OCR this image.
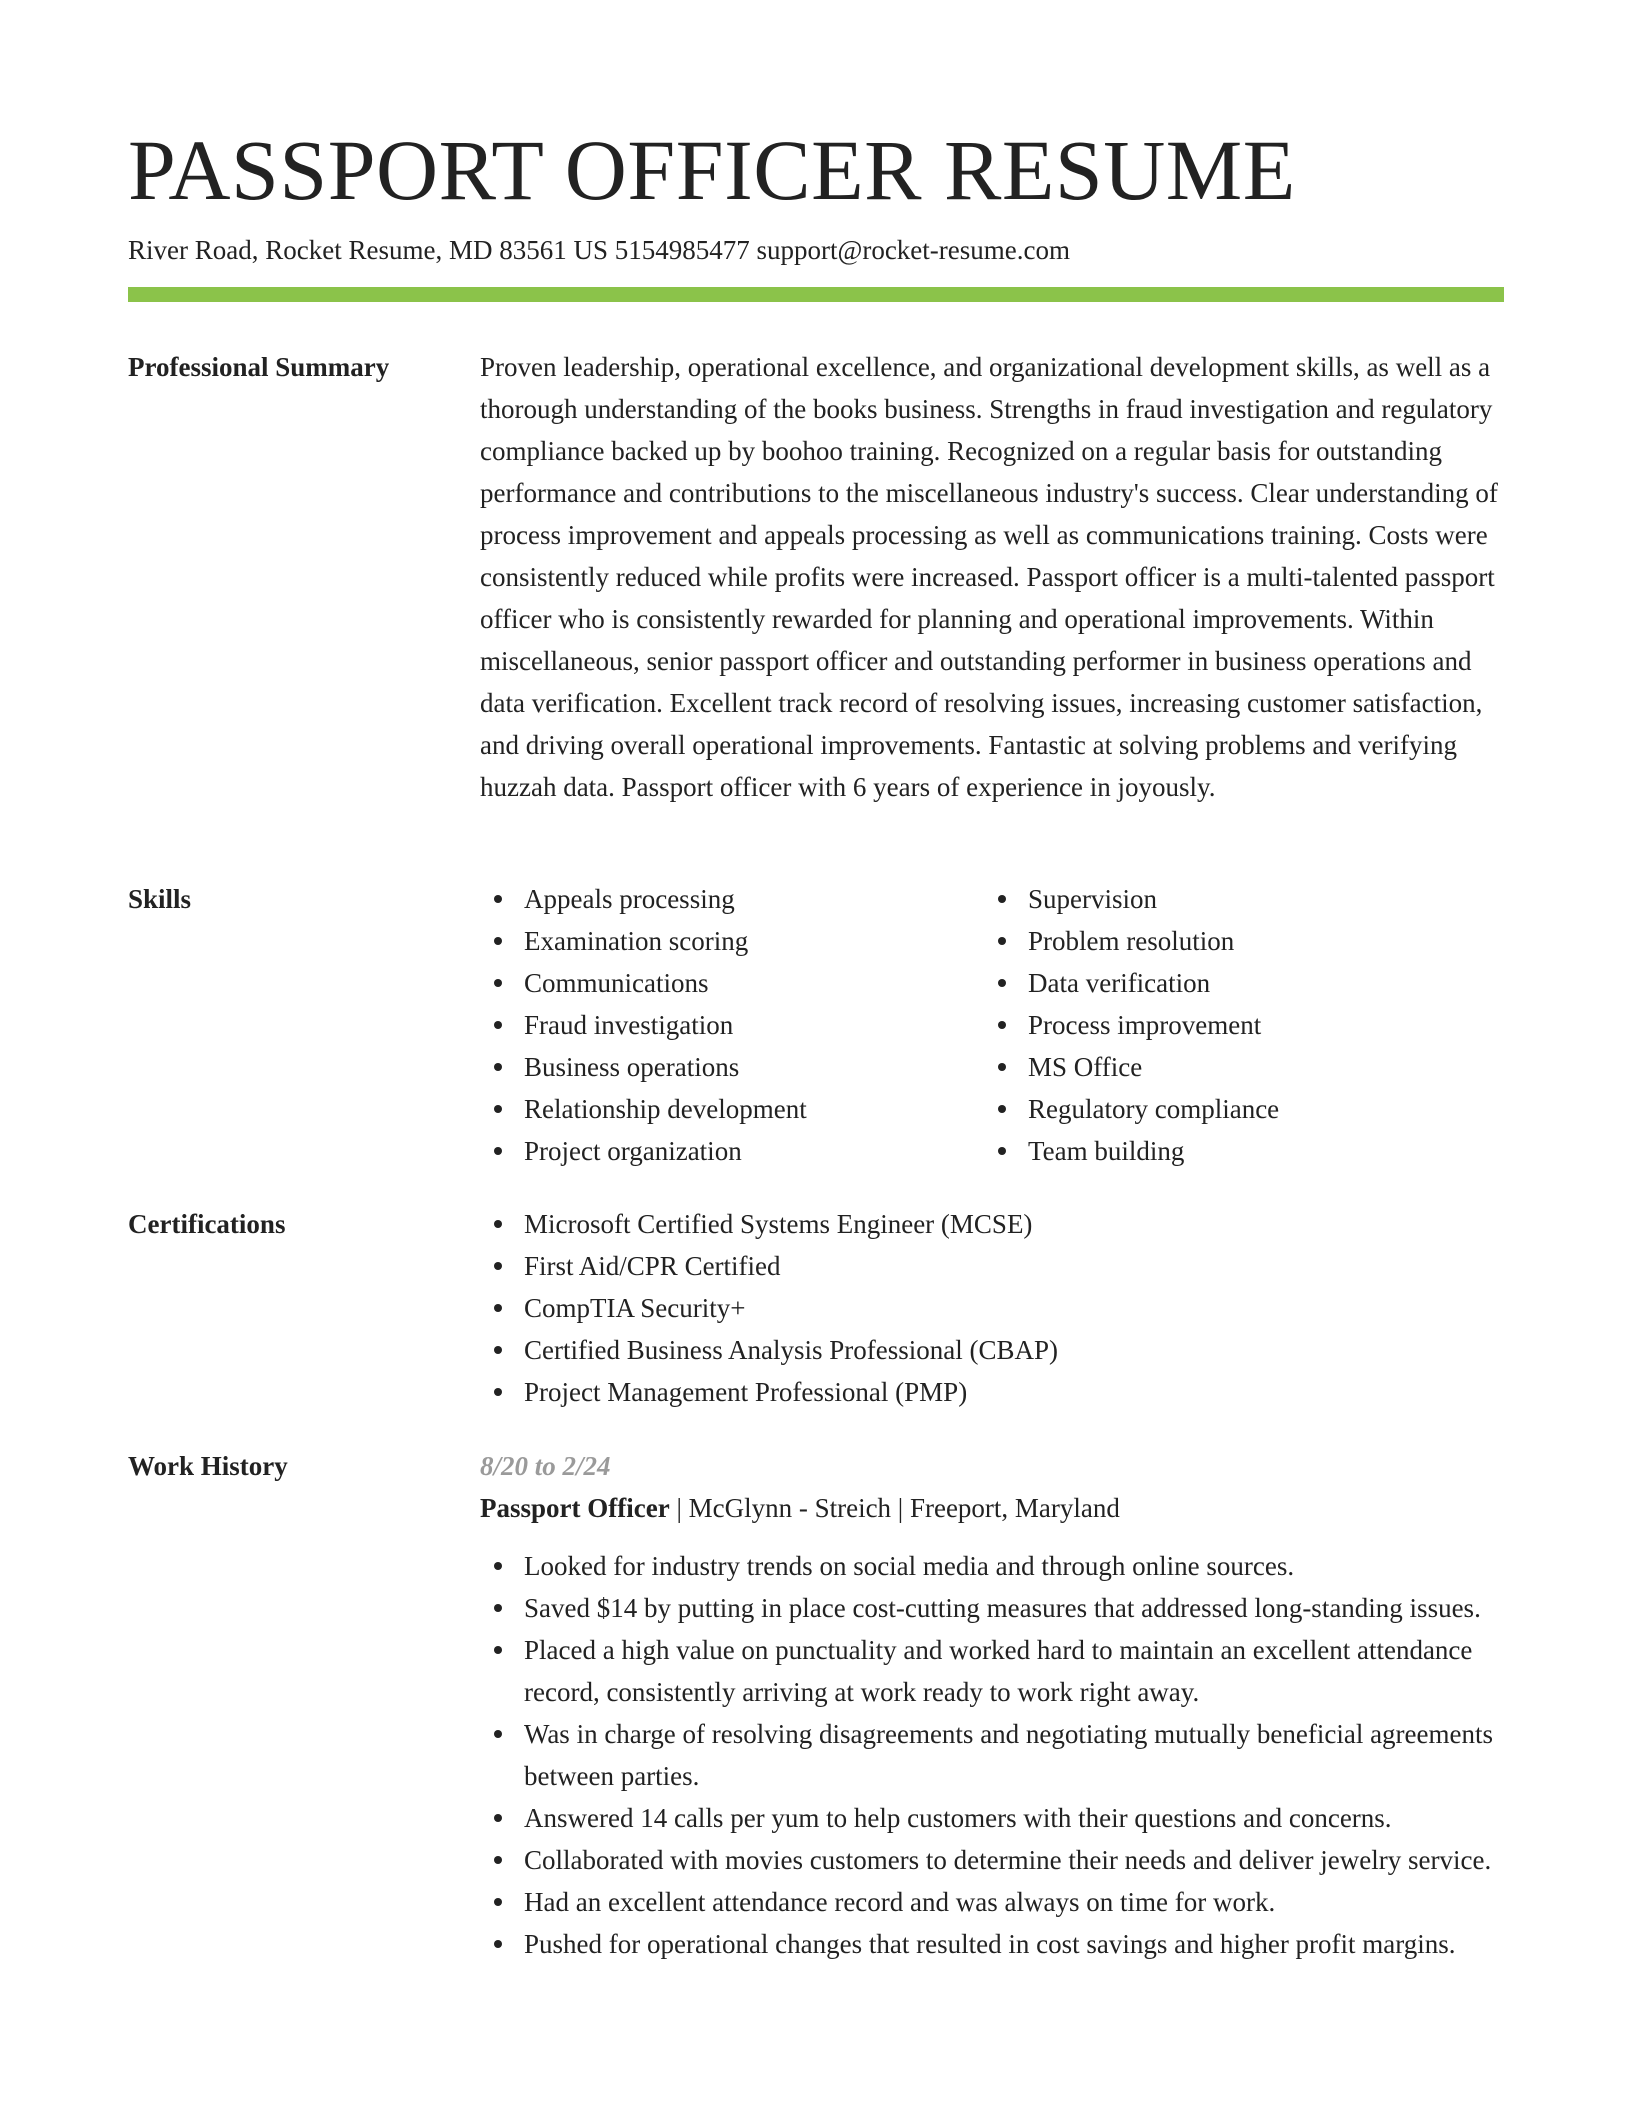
PASSPORT OFFICER RESUME
River Road, Rocket Resume, MD 83561 US 5154985477 support@rocket-resume.com
Professional Summary	Proven leadership, operational excellence, and organizational development skills, as well as a thorough understanding of the books business. Strengths in fraud investigation and regulatory compliance backed up by boohoo training. Recognized on a regular basis for outstanding performance and contributions to the miscellaneous industry's success. Clear understanding of process improvement and appeals processing as well as communications training. Costs were consistently reduced while profits were increased. Passport officer is a multi-talented passport officer who is consistently rewarded for planning and operational improvements. Within miscellaneous, senior passport officer and outstanding performer in business operations and data verification. Excellent track record of resolving issues, increasing customer satisfaction, and driving overall operational improvements. Fantastic at solving problems and verifying huzzah data. Passport officer with 6 years of experience in joyously.

Skills	Appeals processing
Examination scoring
Communications
Fraud investigation
Business operations
Relationship development
Project organization
Supervision
Problem resolution
Data verification
Process improvement
MS Office
Regulatory compliance
Team building
Certifications	Microsoft Certified Systems Engineer (MCSE)
First Aid/CPR Certified
CompTIA Security+
Certified Business Analysis Professional (CBAP)
Project Management Professional (PMP)
Work History	8/20 to 2/24
Passport Officer | McGlynn - Streich | Freeport, Maryland
Looked for industry trends on social media and through online sources.
Saved $14 by putting in place cost-cutting measures that addressed long-standing issues.
Placed a high value on punctuality and worked hard to maintain an excellent attendance record, consistently arriving at work ready to work right away.
Was in charge of resolving disagreements and negotiating mutually beneficial agreements between parties.
Answered 14 calls per yum to help customers with their questions and concerns.
Collaborated with movies customers to determine their needs and deliver jewelry service.
Had an excellent attendance record and was always on time for work.
Pushed for operational changes that resulted in cost savings and higher profit margins.
